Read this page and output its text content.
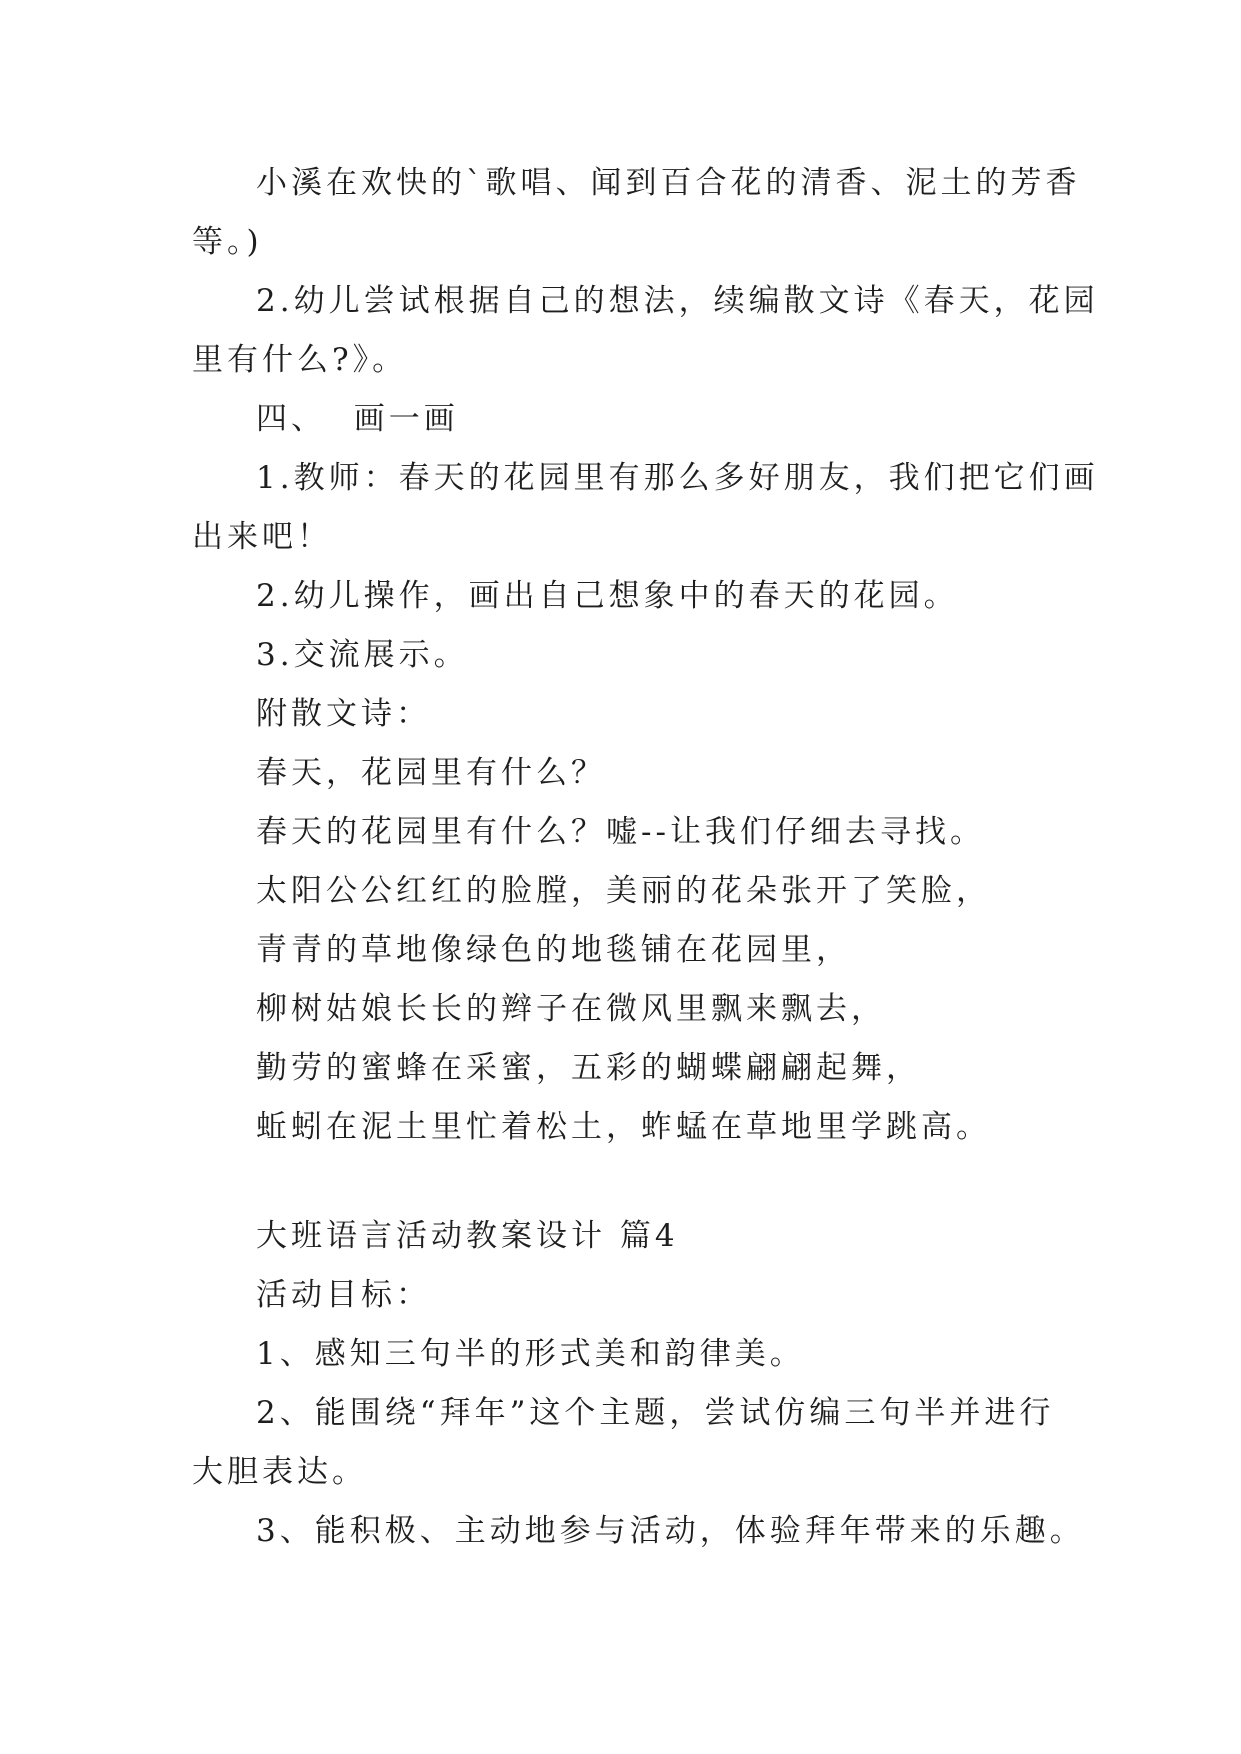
小溪在欢快的`歌唱、闻到百合花的清香、泥土的芳香
等。)
2.幼儿尝试根据自己的想法，续编散文诗《春天，花园
里有什么?》。
四、  画一画
1.教师：春天的花园里有那么多好朋友，我们把它们画
出来吧！
2.幼儿操作，画出自己想象中的春天的花园。
3.交流展示。
附散文诗：
春天，花园里有什么？
春天的花园里有什么？嘘--让我们仔细去寻找。
太阳公公红红的脸膛，美丽的花朵张开了笑脸，
青青的草地像绿色的地毯铺在花园里，
柳树姑娘长长的辫子在微风里飘来飘去，
勤劳的蜜蜂在采蜜，五彩的蝴蝶翩翩起舞，
蚯蚓在泥土里忙着松土，蚱蜢在草地里学跳高。
大班语言活动教案设计 篇4
活动目标：
1、感知三句半的形式美和韵律美。
2、能围绕“拜年”这个主题，尝试仿编三句半并进行
大胆表达。
3、能积极、主动地参与活动，体验拜年带来的乐趣。
